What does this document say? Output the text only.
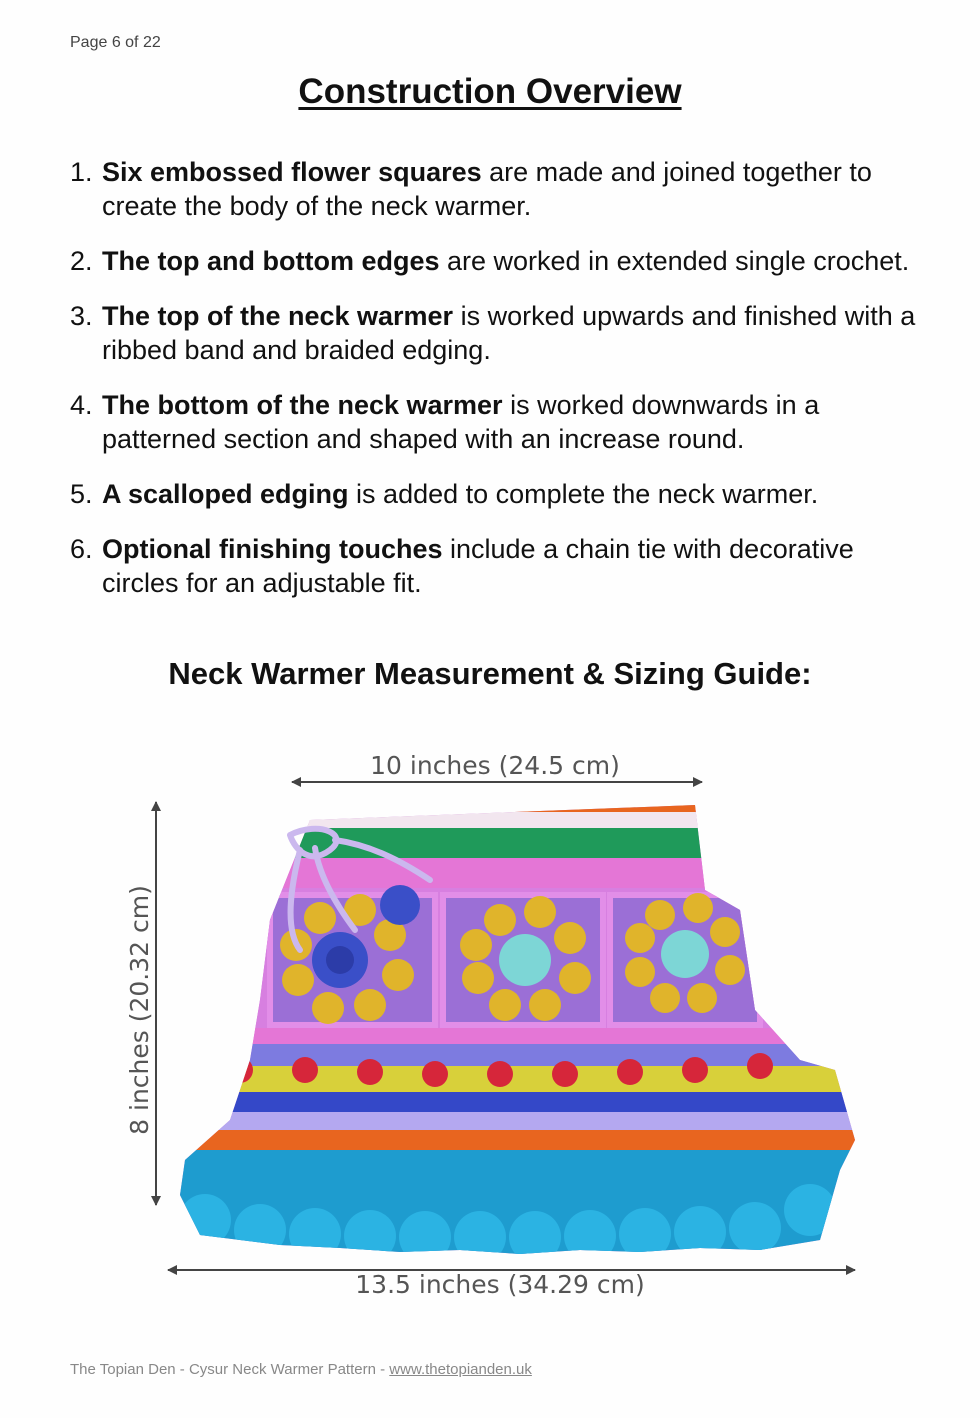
Page 6 of 22
Construction Overview
1. Six embossed flower squares are made and joined together to create the body of the neck warmer.
2. The top and bottom edges are worked in extended single crochet.
3. The top of the neck warmer is worked upwards and finished with a ribbed band and braided edging.
4. The bottom of the neck warmer is worked downwards in a patterned section and shaped with an increase round.
5. A scalloped edging is added to complete the neck warmer.
6. Optional finishing touches include a chain tie with decorative circles for an adjustable fit.
Neck Warmer Measurement & Sizing Guide:
10 inches (24.5 cm)
8 inches (20.32 cm)
13.5 inches (34.29 cm)
The Topian Den - Cysur Neck Warmer Pattern - www.thetopianden.uk
